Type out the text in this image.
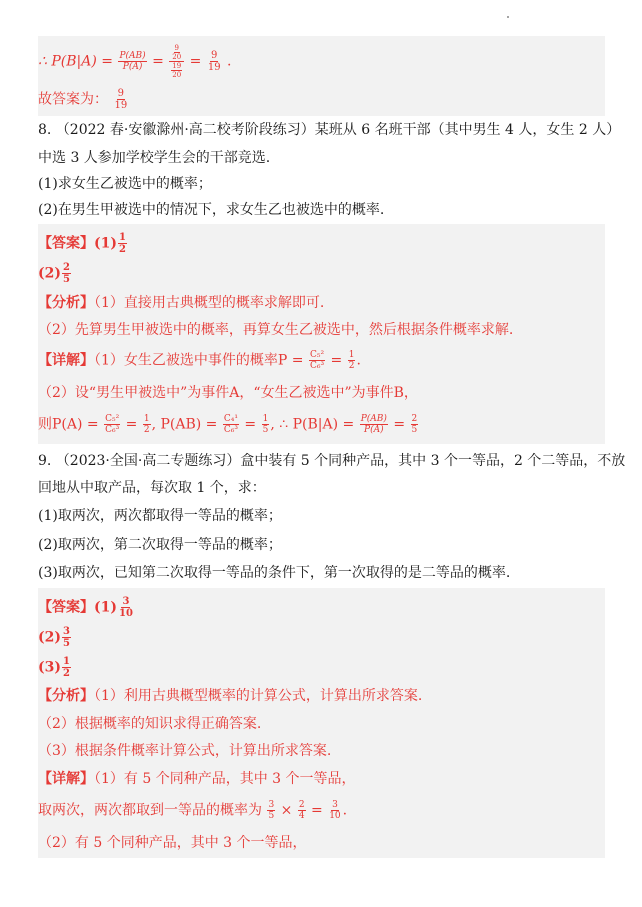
∴ $P(B|A) = \frac{P(AB)}{P(A)} = \frac{\frac{9}{20}}{\frac{19}{20}} = \frac{9}{19}$ .
故答案为： $\frac{9}{19}$
8. （2022 春·安徽滁州·高二校考阶段练习）某班从 6 名班干部（其中男生 4 人，女生 2 人）
中选 3 人参加学校学生会的干部竞选.
(1)求女生乙被选中的概率；
(2)在男生甲被选中的情况下，求女生乙也被选中的概率.
【答案】$(1) \frac{1}{2}$
$(2) \frac{2}{5}$
【分析】（1）直接用古典概型的概率求解即可.
（2）先算男生甲被选中的概率，再算女生乙被选中，然后根据条件概率求解.
【详解】（1）女生乙被选中事件的概率$P = \frac{\text{C₅²}}{\text{C₆³}} = \frac{1}{2}$ .
（2）设“男生甲被选中”为事件A，“女生乙被选中”为事件B，
则$P(A) = \frac{\text{C₅²}}{\text{C₆³}} = \frac{1}{2}$ , $P(AB) = \frac{\text{C₄¹}}{\text{C₆³}} = \frac{1}{5}$ , ∴ $P(B|A) = \frac{P(AB)}{P(A)} = \frac{2}{5}$
9. （2023·全国·高二专题练习）盒中装有 5 个同种产品，其中 3 个一等品，2 个二等品，不放
回地从中取产品，每次取 1 个，求：
(1)取两次，两次都取得一等品的概率；
(2)取两次，第二次取得一等品的概率；
(3)取两次，已知第二次取得一等品的条件下，第一次取得的是二等品的概率.
【答案】$(1) \frac{3}{10}$
$(2) \frac{3}{5}$
$(3) \frac{1}{2}$
【分析】（1）利用古典概型概率的计算公式，计算出所求答案.
（2）根据概率的知识求得正确答案.
（3）根据条件概率计算公式，计算出所求答案.
【详解】（1）有 5 个同种产品，其中 3 个一等品，
取两次，两次都取到一等品的概率为 $\frac{3}{5} \times \frac{2}{4} = \frac{3}{10}$ .
（2）有 5 个同种产品，其中 3 个一等品，
